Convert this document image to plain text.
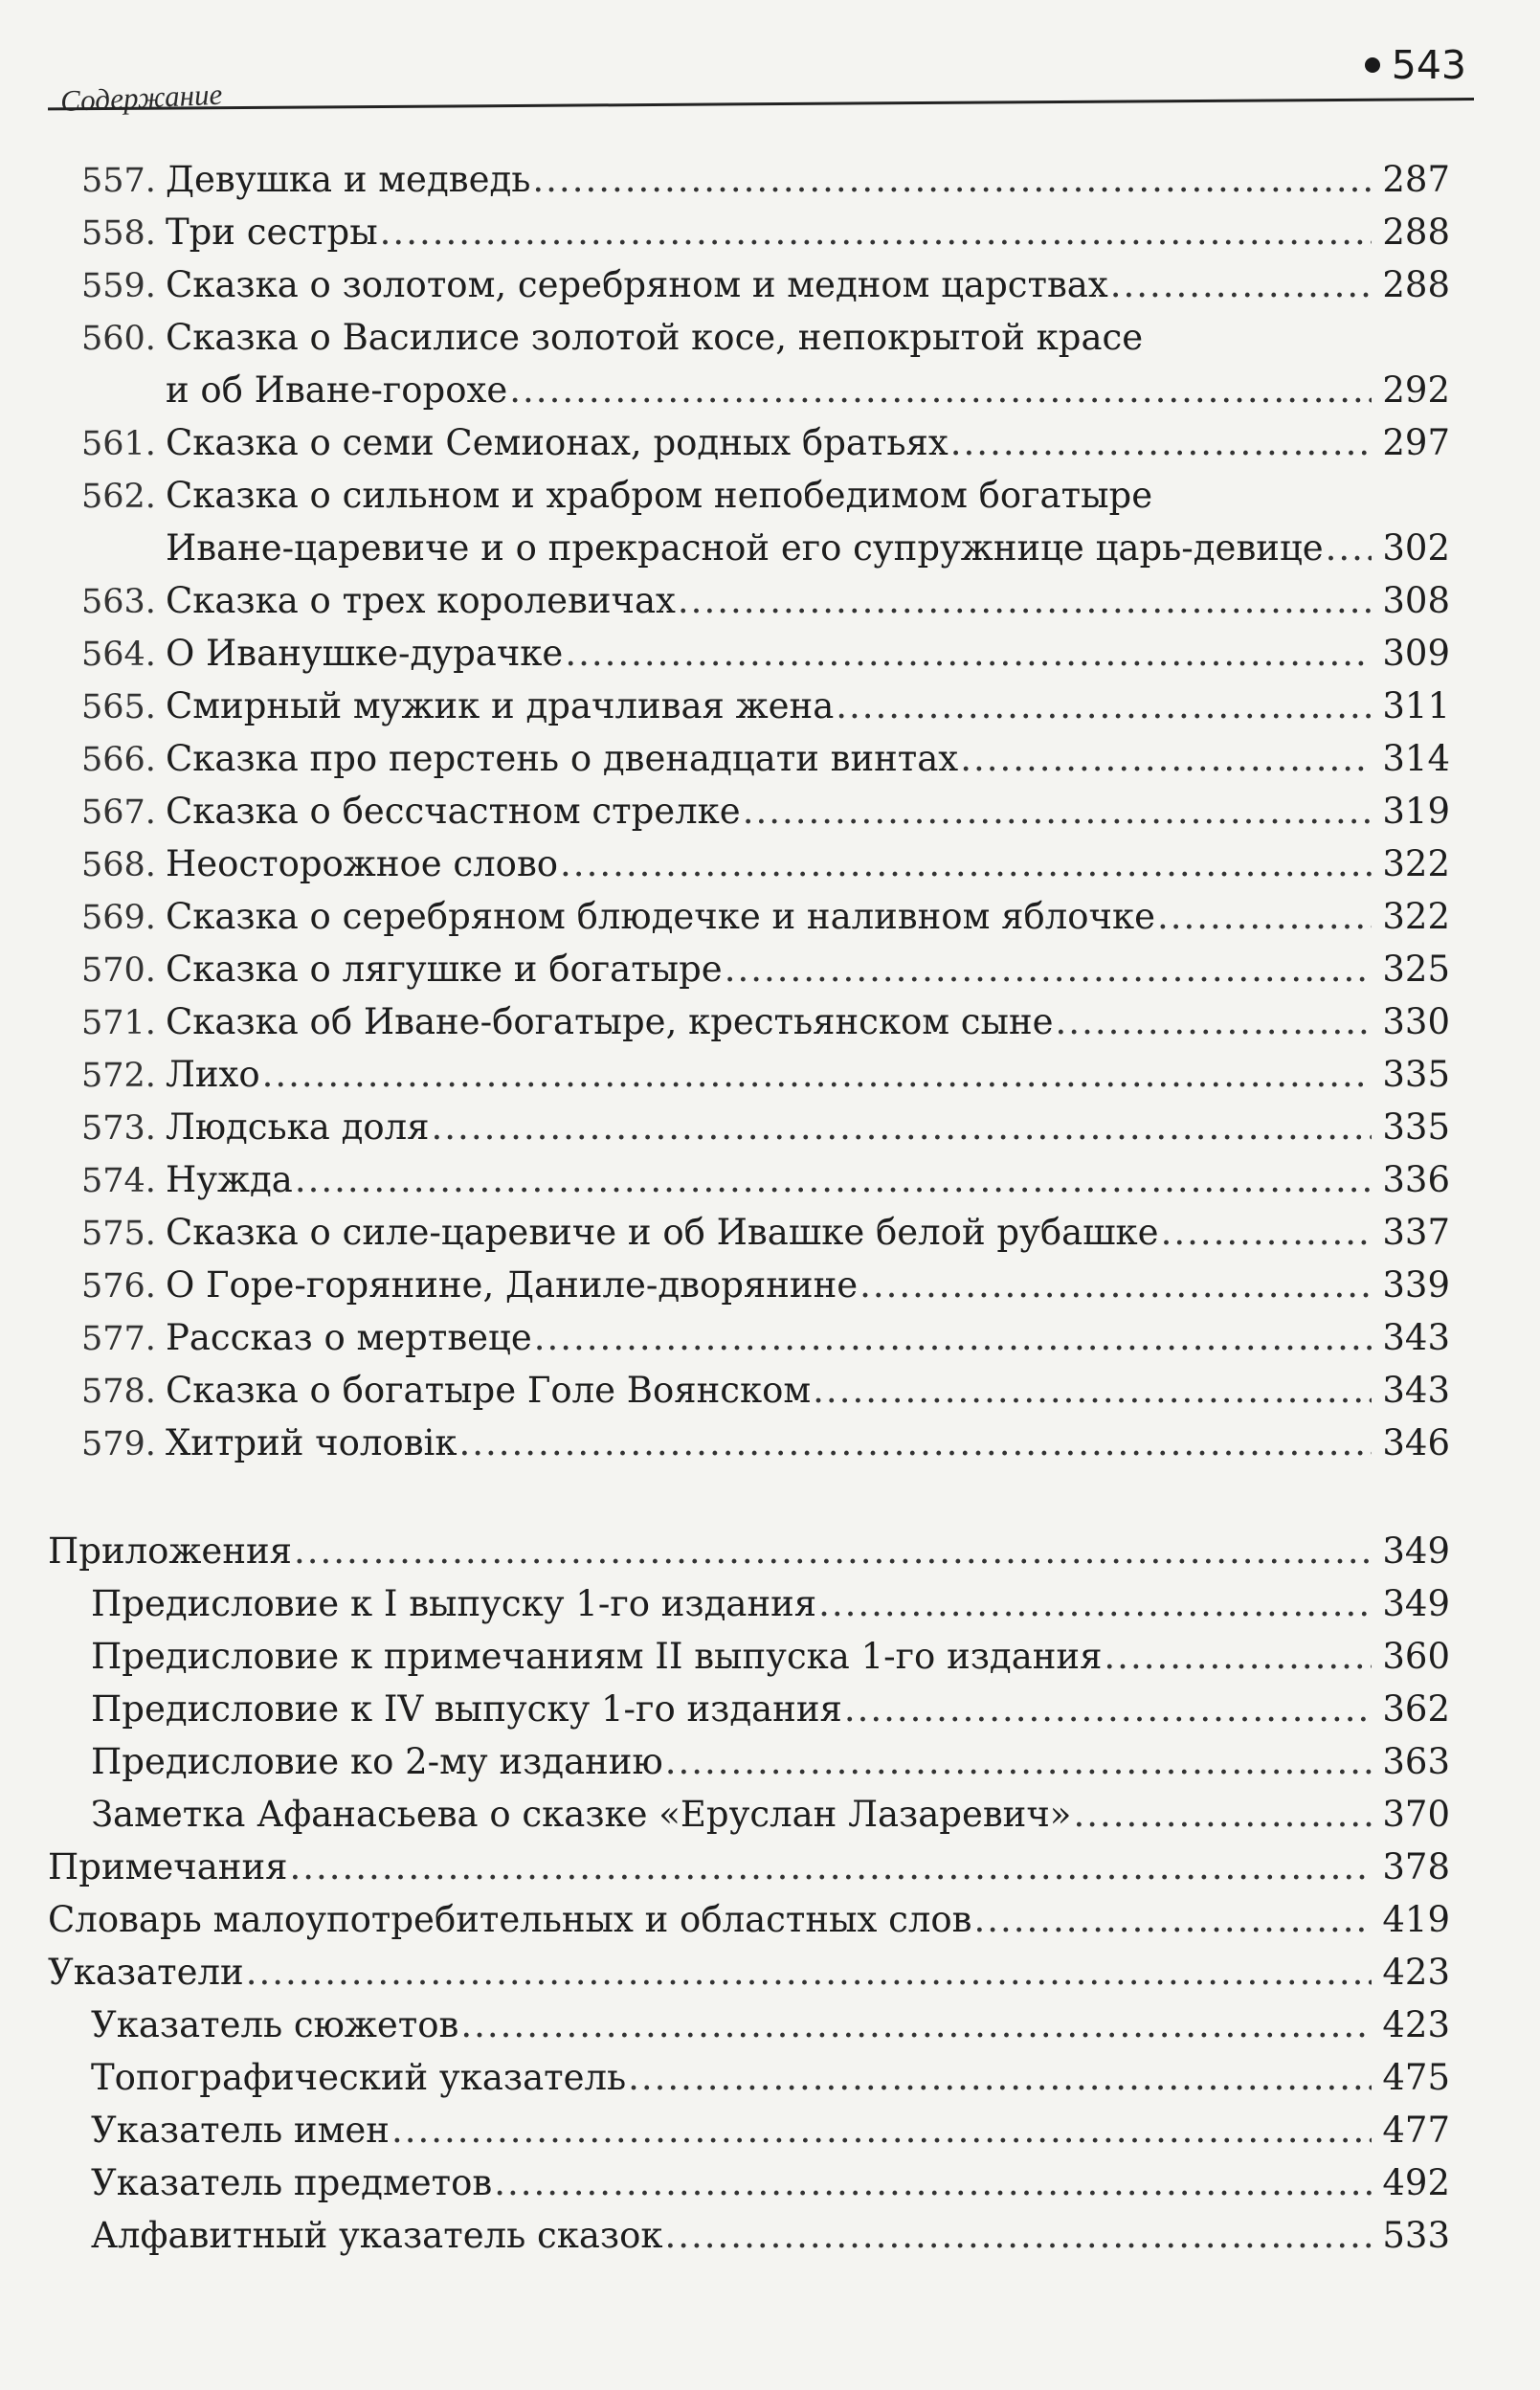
Содержание
543
557. Девушка и медведь .....	287
558. Три сестры .....	288
559. Сказка о золотом, серебряном и медном царствах .....	288
560. Сказка о Василисе золотой косе, непокрытой красе
и об Иване-горохе .....	292
561. Сказка о семи Семионах, родных братьях .....	297
562. Сказка о сильном и храбром непобедимом богатыре
Иване-царевиче и о прекрасной его супружнице царь-девице ..... 302
563. Сказка о трех королевичах .....	308
564. О Иванушке-дурачке .....	309
565. Смирный мужик и драчливая жена .....	311
566. Сказка про перстень о двенадцати винтах .....	314
567. Сказка о бессчастном стрелке .....	319
568. Неосторожное слово .....	322
569. Сказка о серебряном блюдечке и наливном яблочке .....	322
570. Сказка о лягушке и богатыре .....	325
571. Сказка об Иване-богатыре, крестьянском сыне .....	330
572. Лихо .....	335
573. Людська доля .....	335
574. Нужда .....	336
575. Сказка о силе-царевиче и об Ивашке белой рубашке .....	337
576. О Горе-горянине, Даниле-дворянине .....	339
577. Рассказ о мертвеце .....	343
578. Сказка о богатыре Голе Воянском .....	343
579. Хитрий чоловiк .....	346
Приложения .....	349
Предисловие к I выпуску 1-го издания .....	349
Предисловие к примечаниям II выпуска 1-го издания .....	360
Предисловие к IV выпуску 1-го издания .....	362
Предисловие ко 2-му изданию .....	363
Заметка Афанасьева о сказке «Еруслан Лазаревич» .....	370
Примечания .....	378
Словарь малоупотребительных и областных слов .....	419
Указатели .....	423
Указатель сюжетов .....	423
Топографический указатель .....	475
Указатель имен .....	477
Указатель предметов .....	492
Алфавитный указатель сказок .....	533
